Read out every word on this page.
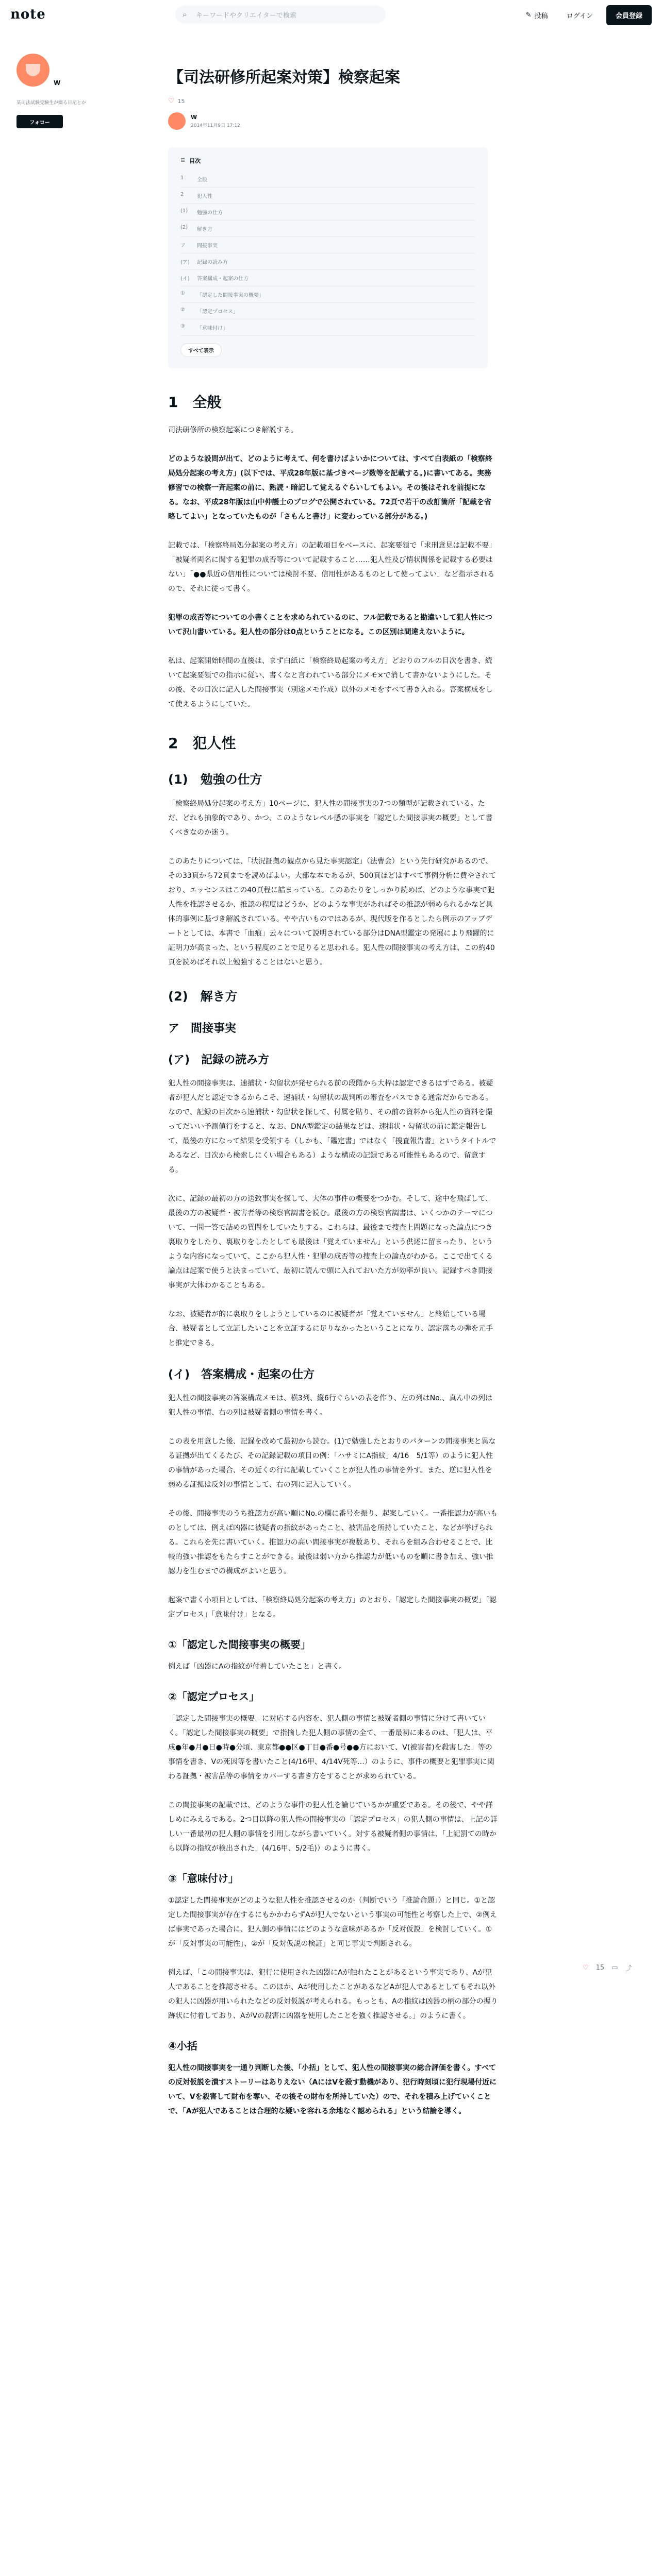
note	⌕	キーワードやクリエイターで検索	✎ 投稿	ログイン	会員登録
W
某司法試験受験生が綴る日記とか
フォロー
【司法研修所起案対策】検察起案
♡ 15
W
2014年11月9日 17:12
≡ 目次
1	全般
2	犯人性
(1)	勉強の仕方
(2)	解き方
ア	間接事実
(ア) 記録の読み方
(イ) 答案構成・起案の仕方
①	「認定した間接事実の概要」
②	「認定プロセス」
③	「意味付け」
すべて表示
1　全般

司法研修所の検察起案につき解説する。

どのような設問が出て、どのように考えて、何を書けばよいかについては、すべて白表紙の「検察終局処分起案の考え方」(以下では、平成28年版に基づきページ数等を記載する。)に書いてある。実務修習での検察一斉起案の前に、熟読・暗記して覚えるぐらいしてもよい。その後はそれを前提になる。なお、平成28年版は山中仲護士のブログで公開されている。72頁で若干の改訂箇所「記載を省略してよい」となっていたものが「さもんと書け」に変わっている部分がある。)

記載では、「検察終局処分起案の考え方」の記載項目をベースに、起案要領で「求刑意見は記載不要」「被疑者両名に関する犯罪の成否等について記載すること……犯人性及び情状関係を記載する必要はない」「●●県近の信用性については検討不要、信用性があるものとして使ってよい」など指示されるので、それに従って書く。

犯罪の成否等についての小書くことを求められているのに、フル記載であると勘違いして犯人性について沢山書いている。犯人性の部分は0点ということになる。この区別は間違えないように。

私は、起案開始時間の直後は、まず白紙に「検察終局起案の考え方」どおりのフルの目次を書き、続いて起案要領での指示に従い、書くなと言われている部分にメモ×で消して書かないようにした。その後、その目次に記入した間接事実（別途メモ作成）以外のメモをすべて書き入れる。答案構成をして使えるようにしていた。

2　犯人性
(1)　勉強の仕方

「検察終局処分起案の考え方」10ページに、犯人性の間接事実の7つの類型が記載されている。ただ、どれも抽象的であり、かつ、このようなレベル感の事実を「認定した間接事実の概要」として書くべきなのか迷う。

このあたりについては、「状況証拠の観点から見た事実認定」（法曹会）という先行研究があるので、その33頁から72頁までを読めばよい。大部な本であるが、500頁ほどはすべて事例分析に費やされており、エッセンスはこの40頁程に詰まっている。このあたりをしっかり読めば、どのような事実で犯人性を推認させるか、推認の程度はどうか、どのような事実があればその推認が弱められるかなど具体的事例に基づき解説されている。やや古いものではあるが、現代版を作るとしたら例示のアップデートとしては、本書で「血痕」云々について説明されている部分はDNA型鑑定の発展により飛躍的に証明力が高まった、という程度のことで足りると思われる。犯人性の間接事実の考え方は、この約40頁を読めばそれ以上勉強することはないと思う。

(2)　解き方
ア　間接事実
(ア)　記録の読み方

犯人性の間接事実は、速捕状・勾留状が発せられる前の段階から大枠は認定できるはずである。被疑者が犯人だと認定できるからこそ、速捕状・勾留状の裁判所の審査をパスできる通常だからである。なので、記録の目次から速捕状・勾留状を探して、付属を貼り、その前の資料から犯人性の資料を撮ってだいい予測値行をすると、なお、DNA型鑑定の結果などは、速捕状・勾留状の前に鑑定報告して、最後の方になって結果を受領する（しかも、「鑑定書」ではなく「捜査報告書」というタイトルであるなど、目次から検索しにくい場合もある）ような構成の記録である可能性もあるので、留意する。

次に、記録の最初の方の送致事実を探して、大体の事件の概要をつかむ。そして、途中を飛ばして、最後の方の被疑者・被害者等の検察官調書を読む。最後の方の検察官調書は、いくつかのテーマについて、一問一答で詰めの質問をしていたりする。これらは、最後まで捜査上問題になった論点につき裏取りをしたり、裏取りをしたとしても最後は「覚えていません」という供述に留まったり、というような内容になっていて、ここから犯人性・犯罪の成否等の捜査上の論点がわかる。ここで出てくる論点は起案で使うと決まっていて、最初に読んで頭に入れておいた方が効率が良い。記録すべき間接事実が大体わかることもある。

なお、被疑者が的に裏取りをしようとしているのに被疑者が「覚えていません」と終始している場合、被疑者として立証したいことを立証するに足りなかったということになり、認定落ちの弾を元手と推定できる。

(イ)　答案構成・起案の仕方

犯人性の間接事実の答案構成メモは、横3列、縦6行ぐらいの表を作り、左の列はNo.、真ん中の列は犯人性の事情、右の列は被疑者側の事情を書く。

この表を用意した後、記録を改めて最初から読む。(1)で勉強したとおりのパターンの間接事実と異なる証拠が出てくるたび、その記録記載の項目の例：「ハサミにA指紋」4/16　5/1等）のように犯人性の事情があった場合、その近くの行に記載していくことが犯人性の事情を外す。また、逆に犯人性を弱める証拠は反対の事情として、右の列に記入していく。

その後、間接事実のうち推認力が高い順にNo.の欄に番号を振り、起案していく。一番推認力が高いものとしては、例えば凶器に被疑者の指紋があったこと、被害品を所持していたこと、などが挙げられる。これらを先に書いていく。推認力の高い間接事実が複数あり、それらを組み合わせることで、比較的強い推認をもたらすことができる。最後は弱い方から推認力が低いものを順に書き加え、強い推認力を生むまでの構成がよいと思う。

起案で書く小項目としては、「検察終局処分起案の考え方」のとおり、「認定した間接事実の概要」「認定プロセス」「意味付け」となる。

①「認定した間接事実の概要」

例えば「凶器にAの指紋が付着していたこと」と書く。

②「認定プロセス」

「認定した間接事実の概要」に対応する内容を、犯人側の事情と被疑者側の事情に分けて書いていく。「認定した間接事実の概要」で指摘した犯人側の事情の全て、一番最初に来るのは、「犯人は、平成●年●月●日●時●分頃、東京都●●区●丁目●番●号●●方において、V(被害者)を殺害した」等の事情を書き、Vの死因等を書いたこと(4/16甲、4/14V死等…）のように、事件の概要と犯罪事実に関わる証拠・被害品等の事情をカバーする書き方をすることが求められている。

この間接事実の記載では、どのような事件の犯人性を論じているかが重要である。その後で、やや詳しめにみえるである。2つ目以降の犯人性の間接事実の「認定プロセス」の犯人側の事情は、上記の詳しい一番最初の犯人側の事情を引用しながら書いていく。対する被疑者側の事情は、「上記罰ての時から以降の指紋が検出された」(4/16甲、5/2毛)）のように書く。

③「意味付け」

①認定した間接事実がどのような犯人性を推認させるのか（判断でいう「推論命題」）と同じ。①と認定した間接事実が存在するにもかかわらずAが犯人でないという事実の可能性と考察した上で、②例えば事実であった場合に、犯人側の事情にはどのような意味があるか「反対仮説」を検討していく。①が「反対事実の可能性」、②が「反対仮説の検証」と同じ事実で判断される。

例えば、「この間接事実は、犯行に使用された凶器にAが触れたことがあるという事実であり、Aが犯人であることを推認させる。このほか、Aが使用したことがあるなどAが犯人であるとしてもそれ以外の犯人に凶器が用いられたなどの反対仮説が考えられる。もっとも、Aの指紋は凶器の柄の部分の握り跡状に付着しており、AがVの殺害に凶器を使用したことを強く推認させる。」のように書く。

④小括

犯人性の間接事実を一通り判断した後、「小括」として、犯人性の間接事実の総合評価を書く。すべての反対仮説を潰すストーリーはありえない（AにはVを殺す動機があり、犯行時刻頃に犯行現場付近にいて、Vを殺害して財布を奪い、その後その財布を所持していた）ので、それを積み上げていくことで、「Aが犯人であることは合理的な疑いを容れる余地なく認められる」という結論を導く。

♡ 15 ▭ ⤴
